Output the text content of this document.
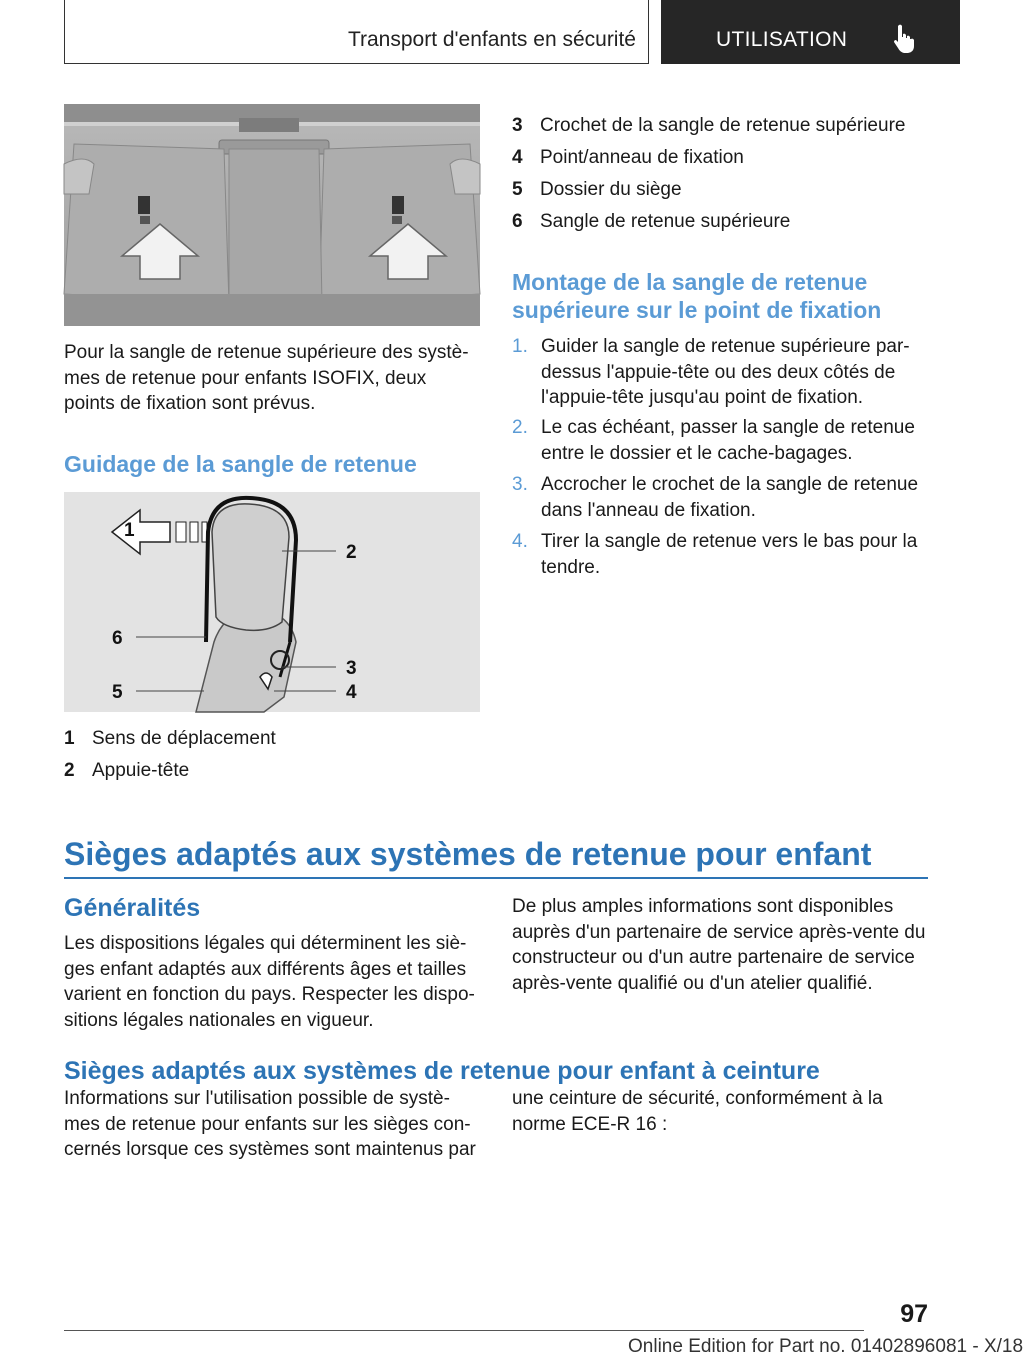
Transport d'enfants en sécurité	UTILISATION
Pour la sangle de retenue supérieure des systè-
mes de retenue pour enfants ISOFIX, deux
points de fixation sont prévus.
Guidage de la sangle de retenue
1
2
3
4
5
6
1 Sens de déplacement
2 Appuie-tête
3 Crochet de la sangle de retenue supérieure
4 Point/anneau de fixation
5 Dossier du siège
6 Sangle de retenue supérieure
Montage de la sangle de retenue
supérieure sur le point de fixation
1. Guider la sangle de retenue supérieure par-
dessus l'appuie-tête ou des deux côtés de
l'appuie-tête jusqu'au point de fixation.
2. Le cas échéant, passer la sangle de retenue
entre le dossier et le cache-bagages.
3. Accrocher le crochet de la sangle de retenue
dans l'anneau de fixation.
4. Tirer la sangle de retenue vers le bas pour la
tendre.
Sièges adaptés aux systèmes de retenue pour enfant
Généralités
Les dispositions légales qui déterminent les siè-
ges enfant adaptés aux différents âges et tailles
varient en fonction du pays. Respecter les dispo-
sitions légales nationales en vigueur.
De plus amples informations sont disponibles
auprès d'un partenaire de service après-vente du
constructeur ou d'un autre partenaire de service
après-vente qualifié ou d'un atelier qualifié.
Sièges adaptés aux systèmes de retenue pour enfant à ceinture
Informations sur l'utilisation possible de systè-
mes de retenue pour enfants sur les sièges con-
cernés lorsque ces systèmes sont maintenus par
une ceinture de sécurité, conformément à la
norme ECE-R 16 :
97
Online Edition for Part no. 01402896081 - X/18
